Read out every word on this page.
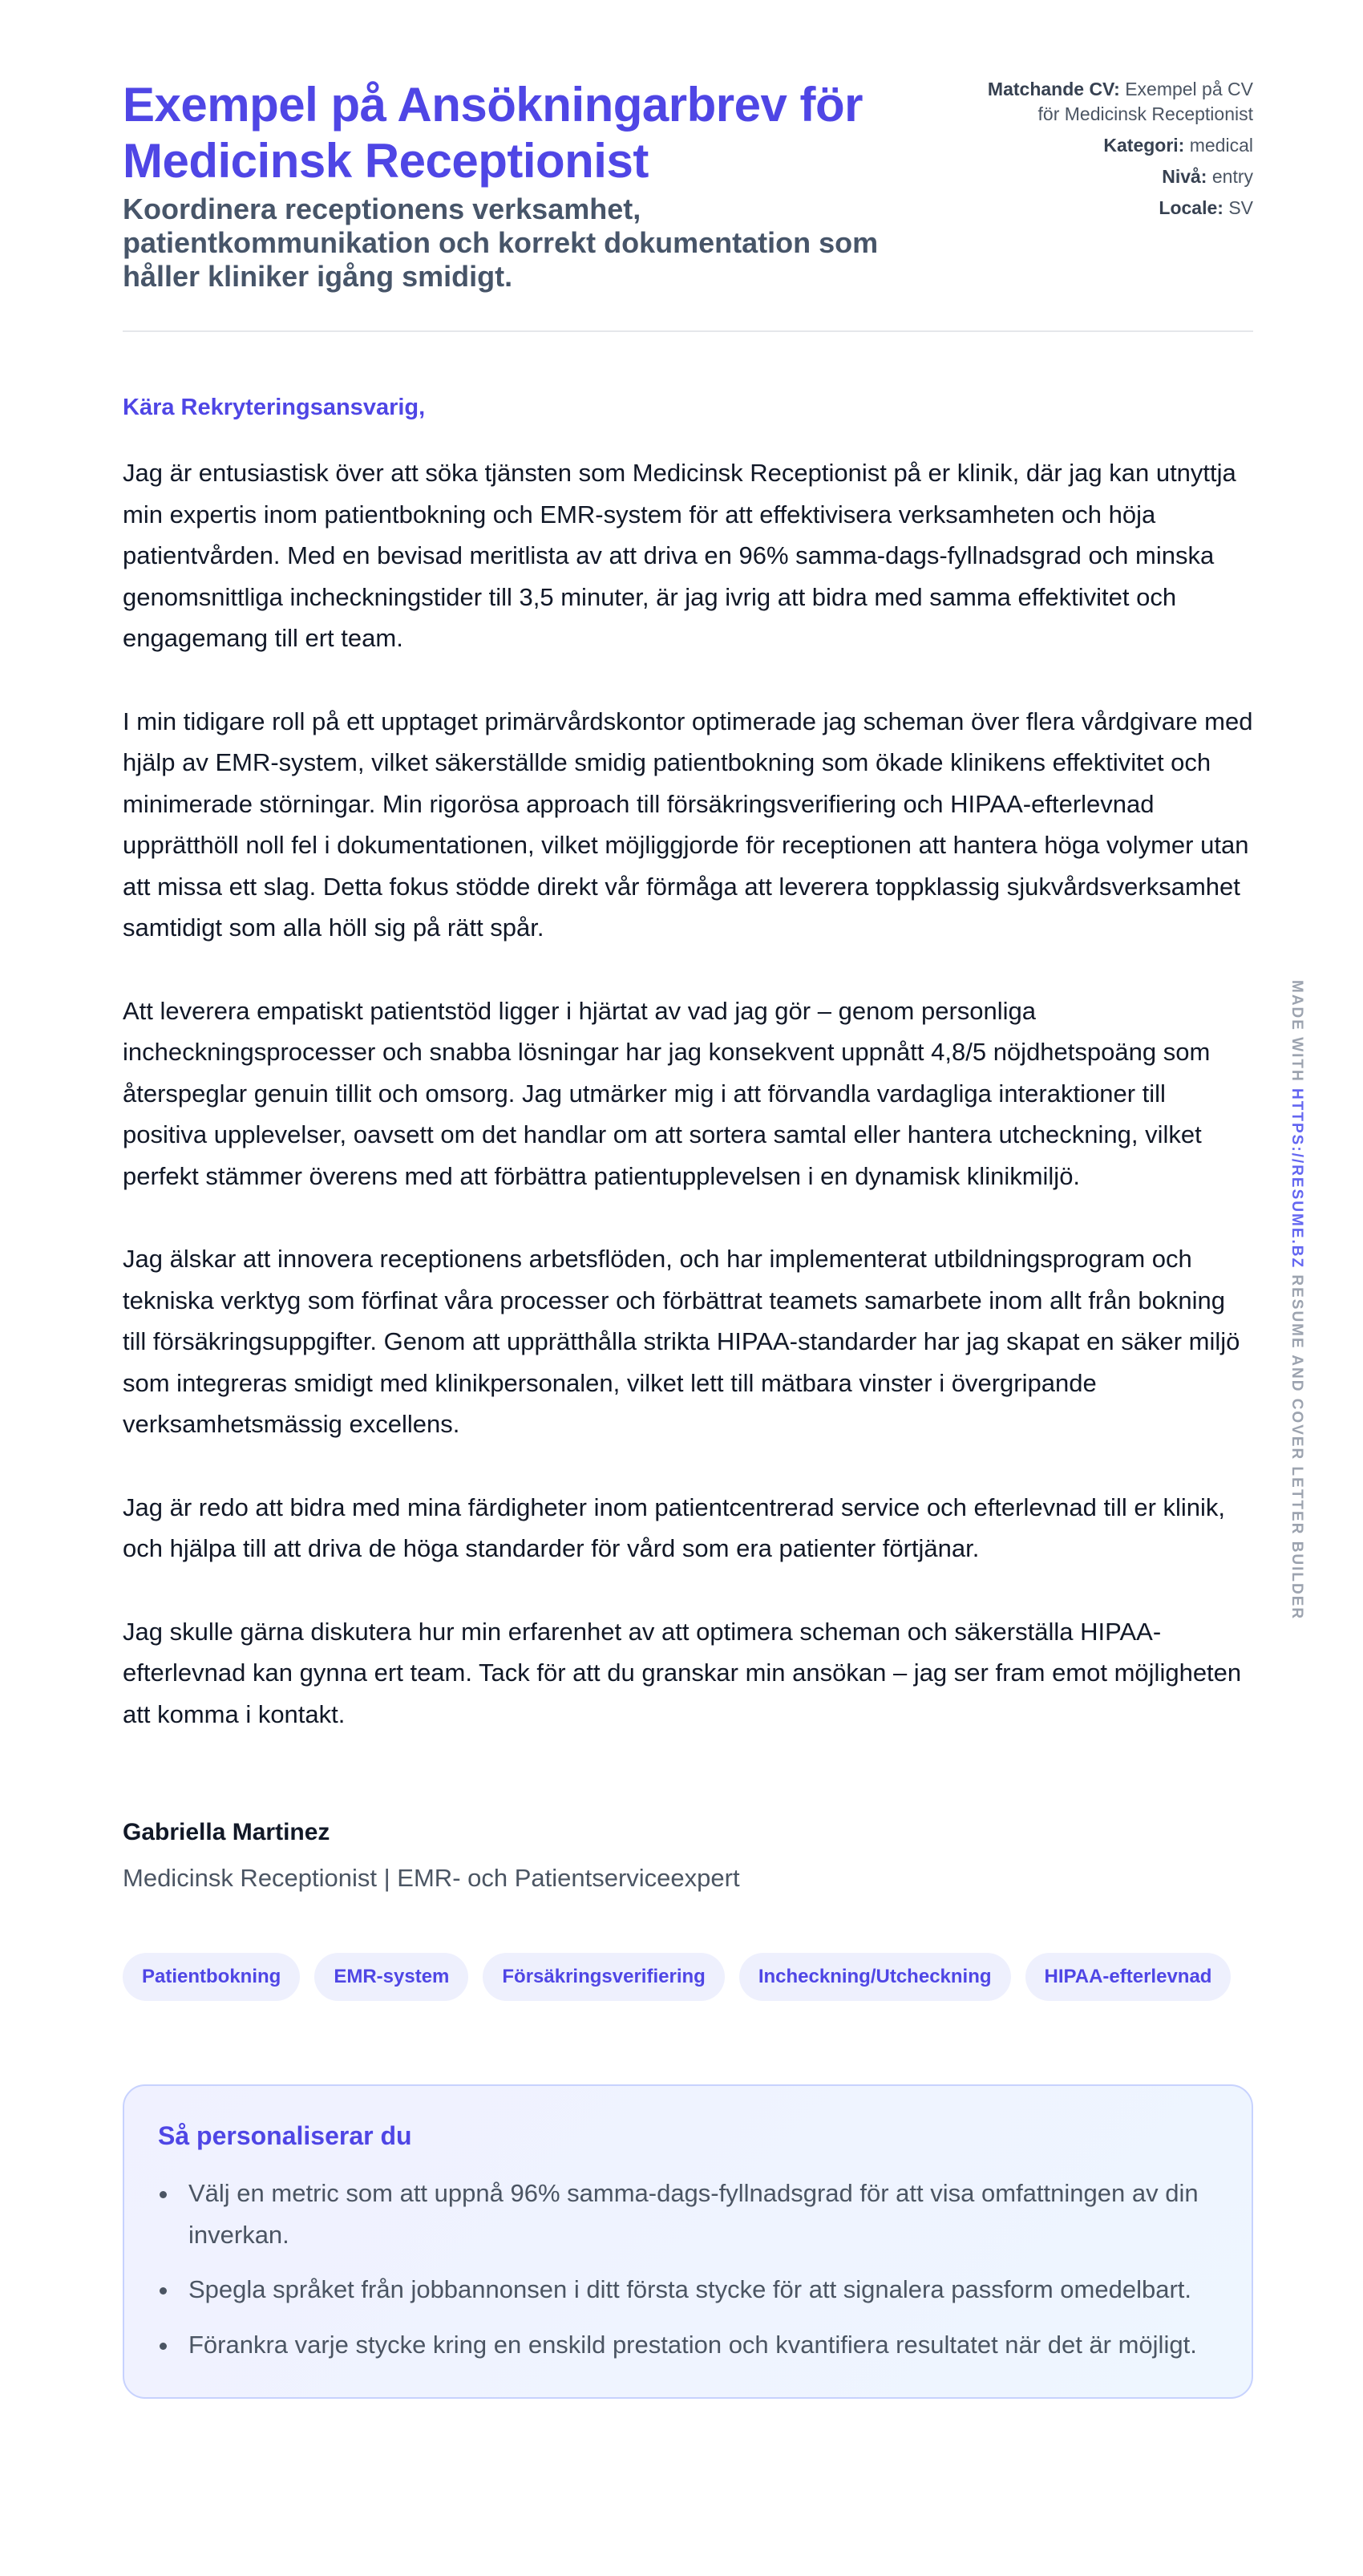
Exempel på Ansökningarbrev för Medicinsk Receptionist
Koordinera receptionens verksamhet, patientkommunikation och korrekt dokumentation som håller kliniker igång smidigt.
Matchande CV: Exempel på CV för Medicinsk Receptionist
Kategori: medical
Nivå: entry
Locale: SV
Kära Rekryteringsansvarig,

Jag är entusiastisk över att söka tjänsten som Medicinsk Receptionist på er klinik, där jag kan utnyttja min expertis inom patientbokning och EMR-system för att effektivisera verksamheten och höja patientvården. Med en bevisad meritlista av att driva en 96% samma-dags-fyllnadsgrad och minska genomsnittliga incheckningstider till 3,5 minuter, är jag ivrig att bidra med samma effektivitet och engagemang till ert team.

I min tidigare roll på ett upptaget primärvårdskontor optimerade jag scheman över flera vårdgivare med hjälp av EMR-system, vilket säkerställde smidig patientbokning som ökade klinikens effektivitet och minimerade störningar. Min rigorösa approach till försäkringsverifiering och HIPAA-efterlevnad upprätthöll noll fel i dokumentationen, vilket möjliggjorde för receptionen att hantera höga volymer utan att missa ett slag. Detta fokus stödde direkt vår förmåga att leverera toppklassig sjukvårdsverksamhet samtidigt som alla höll sig på rätt spår.

Att leverera empatiskt patientstöd ligger i hjärtat av vad jag gör – genom personliga incheckningsprocesser och snabba lösningar har jag konsekvent uppnått 4,8/5 nöjdhetspoäng som återspeglar genuin tillit och omsorg. Jag utmärker mig i att förvandla vardagliga interaktioner till positiva upplevelser, oavsett om det handlar om att sortera samtal eller hantera utcheckning, vilket perfekt stämmer överens med att förbättra patientupplevelsen i en dynamisk klinikmiljö.

Jag älskar att innovera receptionens arbetsflöden, och har implementerat utbildningsprogram och tekniska verktyg som förfinat våra processer och förbättrat teamets samarbete inom allt från bokning till försäkringsuppgifter. Genom att upprätthålla strikta HIPAA-standarder har jag skapat en säker miljö som integreras smidigt med klinikpersonalen, vilket lett till mätbara vinster i övergripande verksamhetsmässig excellens.

Jag är redo att bidra med mina färdigheter inom patientcentrerad service och efterlevnad till er klinik, och hjälpa till att driva de höga standarder för vård som era patienter förtjänar.

Jag skulle gärna diskutera hur min erfarenhet av att optimera scheman och säkerställa HIPAA-efterlevnad kan gynna ert team. Tack för att du granskar min ansökan – jag ser fram emot möjligheten att komma i kontakt.

Gabriella Martinez
Medicinsk Receptionist | EMR- och Patientserviceexpert
Patientbokning	EMR-system	Försäkringsverifiering	Incheckning/Utcheckning	HIPAA-efterlevnad
Så personaliserar du
Välj en metric som att uppnå 96% samma-dags-fyllnadsgrad för att visa omfattningen av din inverkan.
Spegla språket från jobbannonsen i ditt första stycke för att signalera passform omedelbart.
Förankra varje stycke kring en enskild prestation och kvantifiera resultatet när det är möjligt.
MADE WITH HTTPS://RESUME.BZ RESUME AND COVER LETTER BUILDER
